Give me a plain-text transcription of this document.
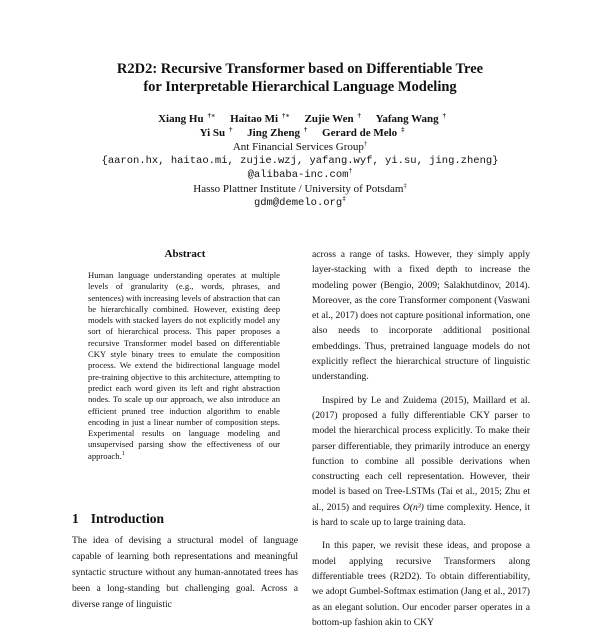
R2D2: Recursive Transformer based on Differentiable Tree
for Interpretable Hierarchical Language Modeling
Xiang Hu †∗ Haitao Mi †∗ Zujie Wen † Yafang Wang †
Yi Su † Jing Zheng † Gerard de Melo ‡
Ant Financial Services Group†
{aaron.hx, haitao.mi, zujie.wzj, yafang.wyf, yi.su, jing.zheng}
@alibaba-inc.com†
Hasso Plattner Institute / University of Potsdam‡
gdm@demelo.org‡
Abstract
Human language understanding operates at multiple levels of granularity (e.g., words, phrases, and sentences) with increasing levels of abstraction that can be hierarchically combined. However, existing deep models with stacked layers do not explicitly model any sort of hierarchical process. This paper proposes a recursive Transformer model based on differentiable CKY style binary trees to emulate the composition process. We extend the bidirectional language model pre-training objective to this architecture, attempting to predict each word given its left and right abstraction nodes. To scale up our approach, we also introduce an efficient pruned tree induction algorithm to enable encoding in just a linear number of composition steps. Experimental results on language modeling and unsupervised parsing show the effectiveness of our approach.$^1$
1 Introduction
The idea of devising a structural model of language capable of learning both representations and meaningful syntactic structure without any human-annotated trees has been a long-standing but challenging goal. Across a diverse range of linguistic

across a range of tasks. However, they simply apply layer-stacking with a fixed depth to increase the modeling power (Bengio, 2009; Salakhutdinov, 2014). Moreover, as the core Transformer component (Vaswani et al., 2017) does not capture positional information, one also needs to incorporate additional positional embeddings. Thus, pretrained language models do not explicitly reflect the hierarchical structure of linguistic understanding.

Inspired by Le and Zuidema (2015), Maillard et al. (2017) proposed a fully differentiable CKY parser to model the hierarchical process explicitly. To make their parser differentiable, they primarily introduce an energy function to combine all possible derivations when constructing each cell representation. However, their model is based on Tree-LSTMs (Tai et al., 2015; Zhu et al., 2015) and requires O(n³) time complexity. Hence, it is hard to scale up to large training data.

In this paper, we revisit these ideas, and propose a model applying recursive Transformers along differentiable trees (R2D2). To obtain differentiability, we adopt Gumbel-Softmax estimation (Jang et al., 2017) as an elegant solution. Our encoder parser operates in a bottom-up fashion akin to CKY
